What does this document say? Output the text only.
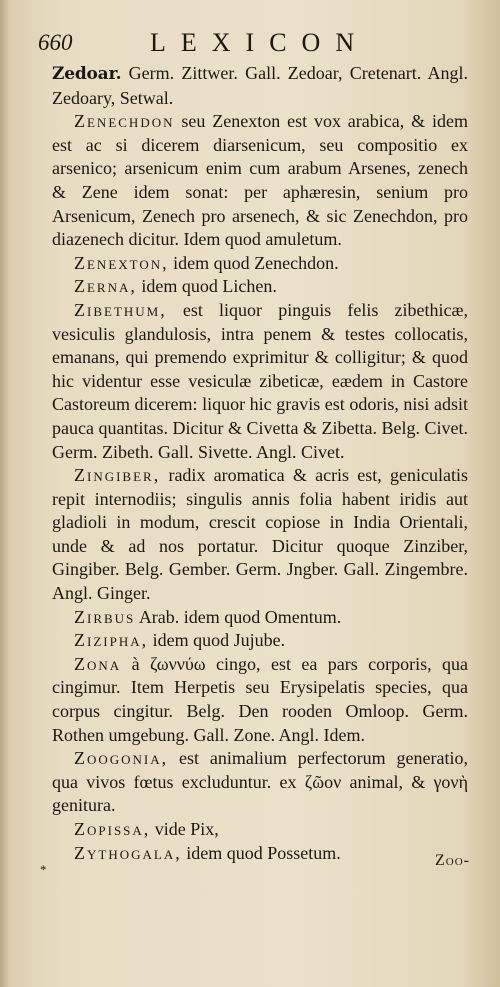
660	LEXICON

Zedoar. Germ. Zittwer. Gall. Zedoar, Cretenart. Angl. Zedoary, Setwal.

Zenechdon seu Zenexton est vox arabica, & idem est ac si dicerem diarsenicum, seu compositio ex arsenico; arsenicum enim cum arabum Arsenes, zenech & Zene idem sonat: per aphæresin, senium pro Arsenicum, Zenech pro arsenech, & sic Zenechdon, pro diazenech dicitur. Idem quod amuletum.

Zenexton, idem quod Zenechdon.

Zerna, idem quod Lichen.

Zibethum, est liquor pinguis felis zibethicæ, vesiculis glandulosis, intra penem & testes collocatis, emanans, qui premendo exprimitur & colligitur; & quod hic videntur esse vesiculæ zibeticæ, eædem in Castore Castoreum dicerem: liquor hic gravis est odoris, nisi adsit pauca quantitas. Dicitur & Civetta & Zibetta. Belg. Civet. Germ. Zibeth. Gall. Sivette. Angl. Civet.

Zingiber, radix aromatica & acris est, geniculatis repit internodiis; singulis annis folia habent iridis aut gladioli in modum, crescit copiose in India Orientali, unde & ad nos portatur. Dicitur quoque Zinziber, Gingiber. Belg. Gember. Germ. Jngber. Gall. Zingembre. Angl. Ginger.

Zirbus Arab. idem quod Omentum.

Zizipha, idem quod Jujube.

Zona à ζωννύω cingo, est ea pars corporis, qua cingimur. Item Herpetis seu Erysipelatis species, qua corpus cingitur. Belg. Den rooden Omloop. Germ. Rothen umgebung. Gall. Zone. Angl. Idem.

Zoogonia, est animalium perfectorum generatio, qua vivos fœtus excluduntur. ex ζῶον animal, & γονὴ genitura.

Zopissa, vide Pix,

Zythogala, idem quod Possetum.

*
Zoo-
